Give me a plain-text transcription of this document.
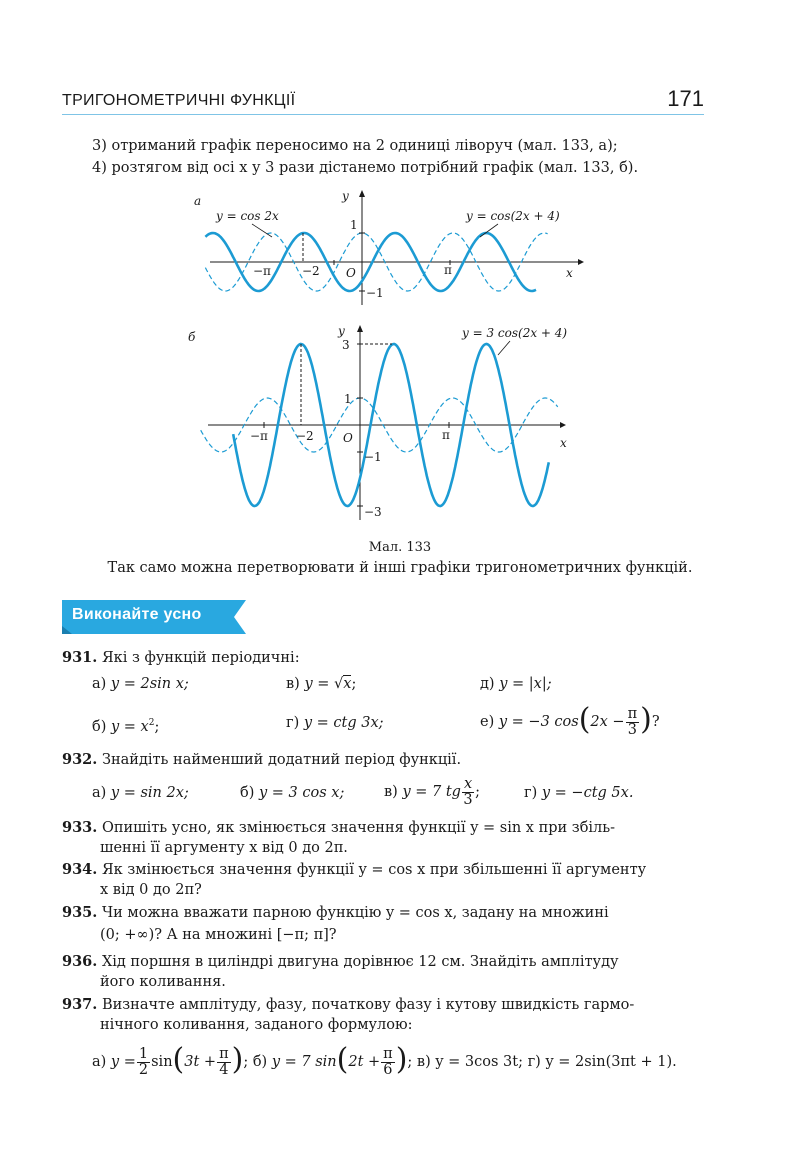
ТРИГОНОМЕТРИЧНІ ФУНКЦІЇ	171
3) отриманий графік переносимо на 2 одиниці ліворуч (мал. 133, а);
4) розтягом від осі x у 3 рази дістанемо потрібний графік (мал. 133, б).
а	y
x
1
−1
O
−π	−2	π
y = cos 2x	y = cos(2x + 4)
б	y
x
3
1
−1
−3
O
−π −2	π
y = 3 cos(2x + 4)
Мал. 133
Так само можна перетворювати й інші графіки тригонометричних функцій.
Виконайте усно
931. Які з функцій періодичні:
а) y = 2sin x;	в) y = √x;	д) y = |x|;
б) $y = x^2$;	г) y = ctg 3x;	е) y = −3 $\cos(2x - \frac{\pi}{3}$ )?
932. Знайдіть найменший додатний період функції.
а) y = sin 2x;	б) y = 3 cos x;	в) y = 7 tg $\frac{x}{3}$ ;	г) y = −ctg 5x.
933. Опишіть усно, як змінюється значення функції y = sin x при збіль-
шенні її аргументу x від 0 до 2π.
934. Як змінюється значення функції y = cos x при збільшенні її аргументу
x від 0 до 2π?
935. Чи можна вважати парною функцію y = cos x, задану на множині
(0; +∞)? А на множині [−π; π]?
936. Хід поршня в циліндрі двигуна дорівнює 12 см. Знайдіть амплітуду
його коливання.
937. Визначте амплітуду, фазу, початкову фазу і кутову швидкість гармо-
нічного коливання, заданого формулою:
а) $y = \frac{1}{2} \sin(3t + \frac{\pi}{4}$ ); б) y = 7 $\sin(2t + \frac{\pi}{6}$ ); в) y = 3cos 3t; г) y = 2sin(3πt + 1).
